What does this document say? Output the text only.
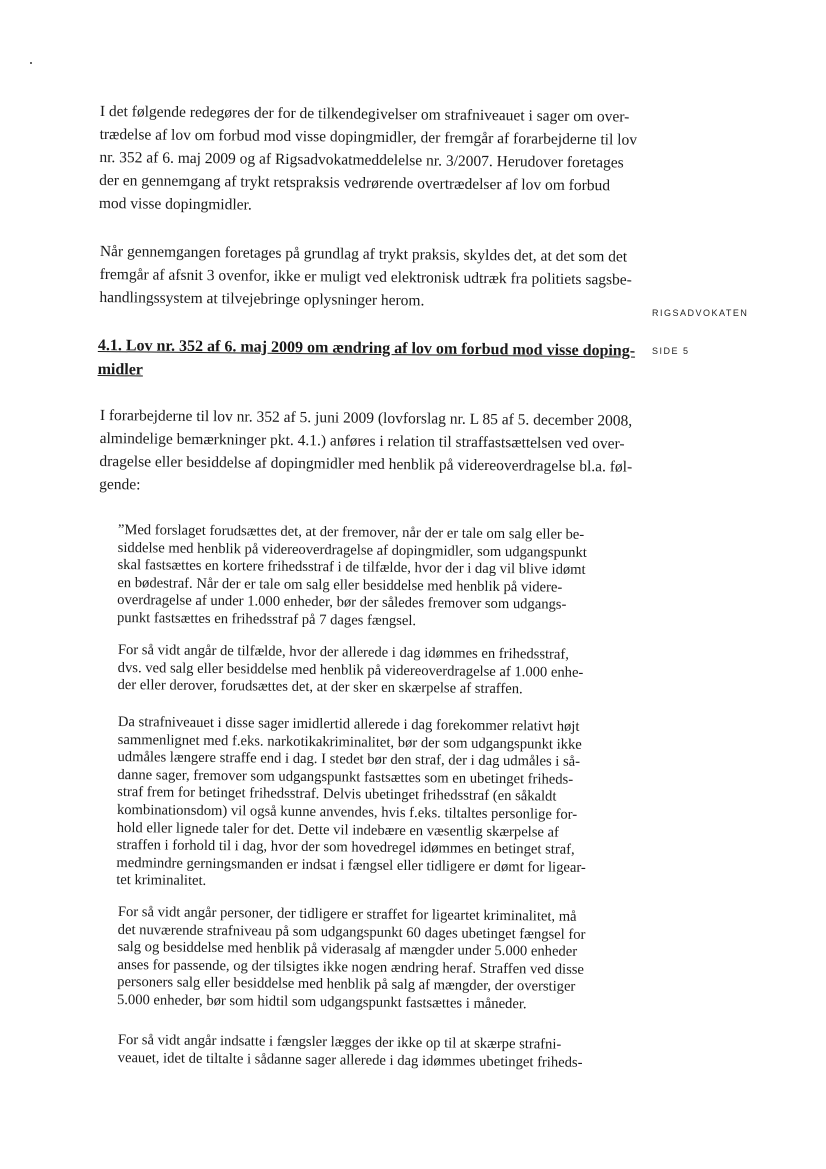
RIGSADVOKATEN
SIDE 5
I det følgende redegøres der for de tilkendegivelser om strafniveauet i sager om over-
trædelse af lov om forbud mod visse dopingmidler, der fremgår af forarbejderne til lov
nr. 352 af 6. maj 2009 og af Rigsadvokatmeddelelse nr. 3/2007. Herudover foretages
der en gennemgang af trykt retspraksis vedrørende overtrædelser af lov om forbud
mod visse dopingmidler.
Når gennemgangen foretages på grundlag af trykt praksis, skyldes det, at det som det
fremgår af afsnit 3 ovenfor, ikke er muligt ved elektronisk udtræk fra politiets sagsbe-
handlingssystem at tilvejebringe oplysninger herom.
4.1. Lov nr. 352 af 6. maj 2009 om ændring af lov om forbud mod visse doping-
midler
I forarbejderne til lov nr. 352 af 5. juni 2009 (lovforslag nr. L 85 af 5. december 2008,
almindelige bemærkninger pkt. 4.1.) anføres i relation til straffastsættelsen ved over-
dragelse eller besiddelse af dopingmidler med henblik på videreoverdragelse bl.a. føl-
gende:
”Med forslaget forudsættes det, at der fremover, når der er tale om salg eller be-
siddelse med henblik på videreoverdragelse af dopingmidler, som udgangspunkt
skal fastsættes en kortere frihedsstraf i de tilfælde, hvor der i dag vil blive idømt
en bødestraf. Når der er tale om salg eller besiddelse med henblik på videre-
overdragelse af under 1.000 enheder, bør der således fremover som udgangs-
punkt fastsættes en frihedsstraf på 7 dages fængsel.
For så vidt angår de tilfælde, hvor der allerede i dag idømmes en frihedsstraf,
dvs. ved salg eller besiddelse med henblik på videreoverdragelse af 1.000 enhe-
der eller derover, forudsættes det, at der sker en skærpelse af straffen.
Da strafniveauet i disse sager imidlertid allerede i dag forekommer relativt højt
sammenlignet med f.eks. narkotikakriminalitet, bør der som udgangspunkt ikke
udmåles længere straffe end i dag. I stedet bør den straf, der i dag udmåles i så-
danne sager, fremover som udgangspunkt fastsættes som en ubetinget friheds-
straf frem for betinget frihedsstraf. Delvis ubetinget frihedsstraf (en såkaldt
kombinationsdom) vil også kunne anvendes, hvis f.eks. tiltaltes personlige for-
hold eller lignede taler for det. Dette vil indebære en væsentlig skærpelse af
straffen i forhold til i dag, hvor der som hovedregel idømmes en betinget straf,
medmindre gerningsmanden er indsat i fængsel eller tidligere er dømt for ligear-
tet kriminalitet.
For så vidt angår personer, der tidligere er straffet for ligeartet kriminalitet, må
det nuværende strafniveau på som udgangspunkt 60 dages ubetinget fængsel for
salg og besiddelse med henblik på viderasalg af mængder under 5.000 enheder
anses for passende, og der tilsigtes ikke nogen ændring heraf. Straffen ved disse
personers salg eller besiddelse med henblik på salg af mængder, der overstiger
5.000 enheder, bør som hidtil som udgangspunkt fastsættes i måneder.
For så vidt angår indsatte i fængsler lægges der ikke op til at skærpe strafni-
veauet, idet de tiltalte i sådanne sager allerede i dag idømmes ubetinget friheds-
